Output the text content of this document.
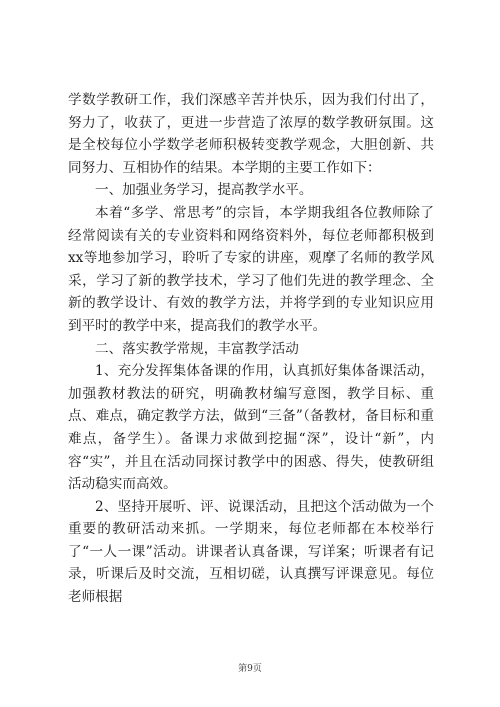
学数学教研工作，我们深感辛苦并快乐，因为我们付出了，努力了，收获了，更进一步营造了浓厚的数学教研氛围。这是全校每位小学数学老师积极转变教学观念，大胆创新、共同努力、互相协作的结果。本学期的主要工作如下：

一、加强业务学习，提高教学水平。

本着“多学、常思考”的宗旨，本学期我组各位教师除了经常阅读有关的专业资料和网络资料外，每位老师都积极到xx等地参加学习，聆听了专家的讲座，观摩了名师的教学风采，学习了新的教学技术，学习了他们先进的教学理念、全新的教学设计、有效的教学方法，并将学到的专业知识应用到平时的教学中来，提高我们的教学水平。

二、落实教学常规，丰富教学活动

1、充分发挥集体备课的作用，认真抓好集体备课活动，加强教材教法的研究，明确教材编写意图，教学目标、重点、难点，确定教学方法，做到“三备”（备教材，备目标和重难点，备学生）。备课力求做到挖掘“深”，设计“新”，内容“实”，并且在活动同探讨教学中的困惑、得失，使教研组活动稳实而高效。

2、坚持开展听、评、说课活动，且把这个活动做为一个重要的教研活动来抓。一学期来，每位老师都在本校举行了“一人一课”活动。讲课者认真备课，写详案；听课者有记录，听课后及时交流，互相切磋，认真撰写评课意见。每位老师根据

第9页
